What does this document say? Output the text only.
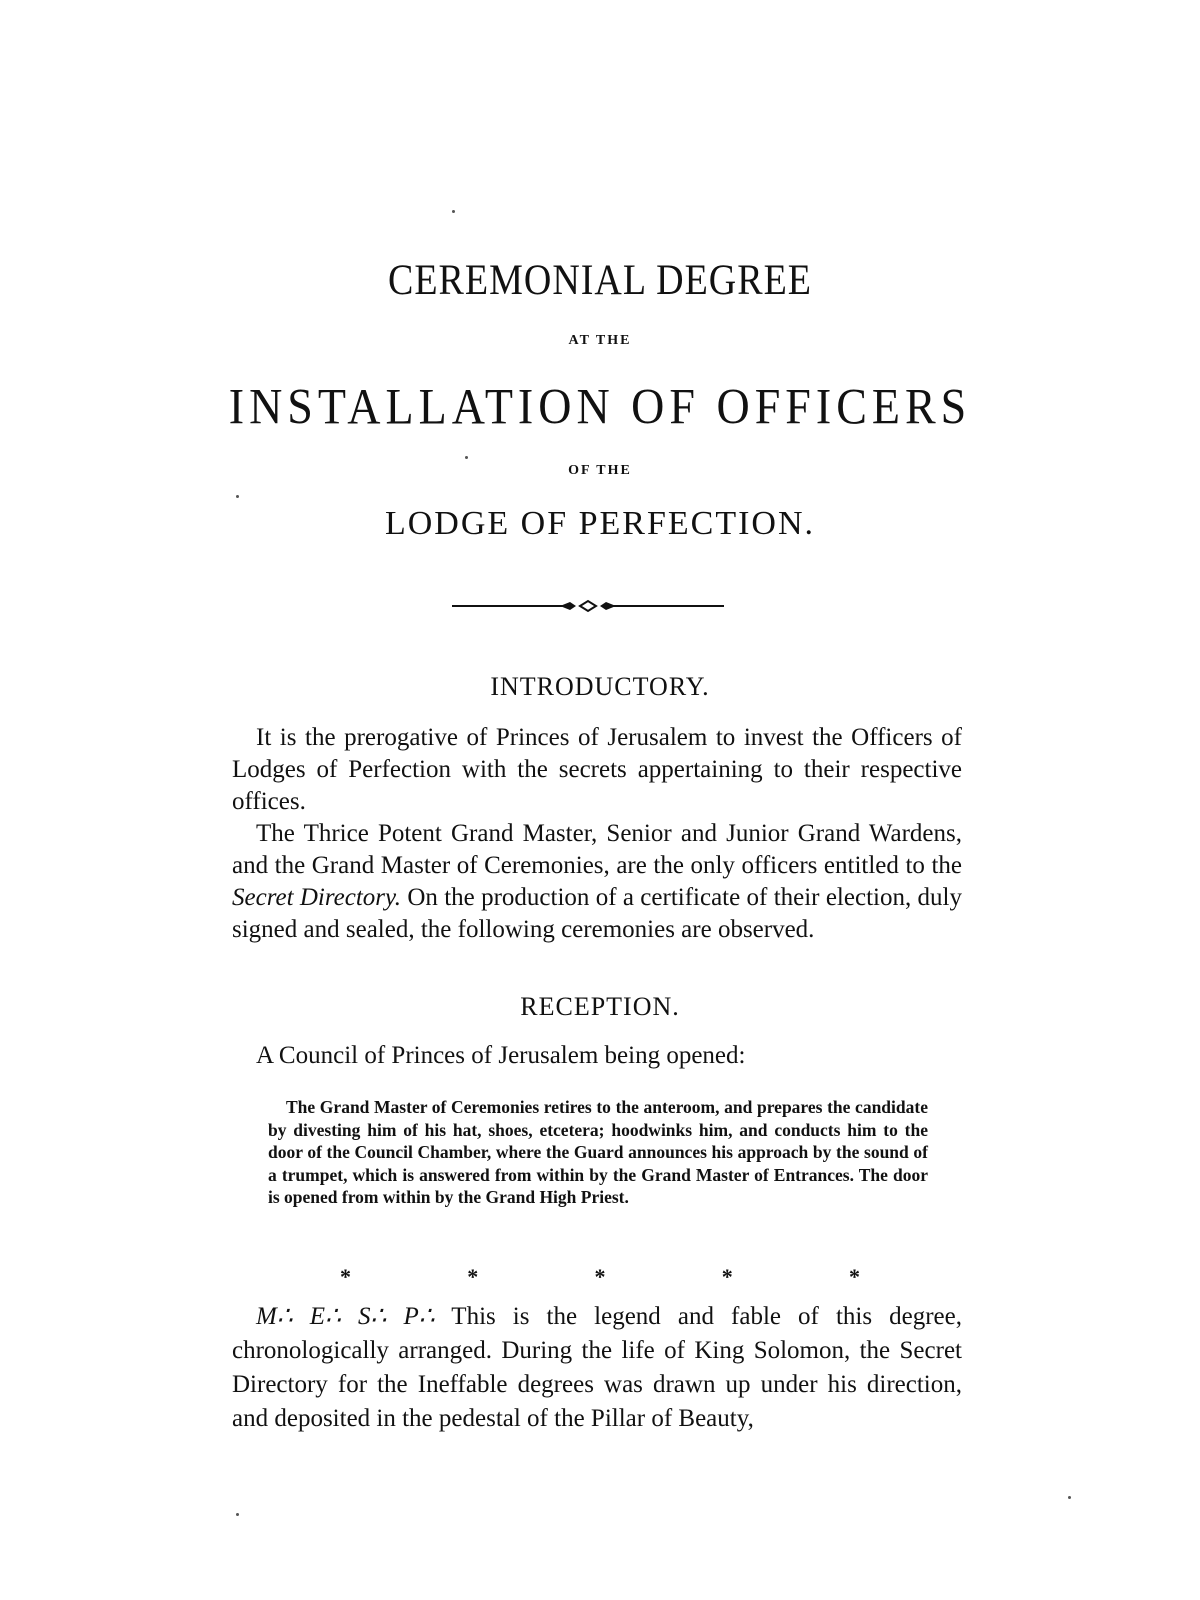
CEREMONIAL DEGREE
AT THE
INSTALLATION OF OFFICERS
OF THE
LODGE OF PERFECTION.
INTRODUCTORY.
It is the prerogative of Princes of Jerusalem to invest the Officers of Lodges of Perfection with the secrets appertaining to their respective offices.
The Thrice Potent Grand Master, Senior and Junior Grand Wardens, and the Grand Master of Ceremonies, are the only officers entitled to the Secret Directory. On the production of a certificate of their election, duly signed and sealed, the following ceremonies are observed.
RECEPTION.
A Council of Princes of Jerusalem being opened:
The Grand Master of Ceremonies retires to the anteroom, and prepares the candidate by divesting him of his hat, shoes, etcetera; hoodwinks him, and conducts him to the door of the Council Chamber, where the Guard announces his approach by the sound of a trumpet, which is answered from within by the Grand Master of Entrances. The door is opened from within by the Grand High Priest.
*	*	*	*	*
M∴ E∴ S∴ P∴ This is the legend and fable of this degree, chronologically arranged. During the life of King Solomon, the Secret Directory for the Ineffable degrees was drawn up under his direction, and deposited in the pedestal of the Pillar of Beauty,
